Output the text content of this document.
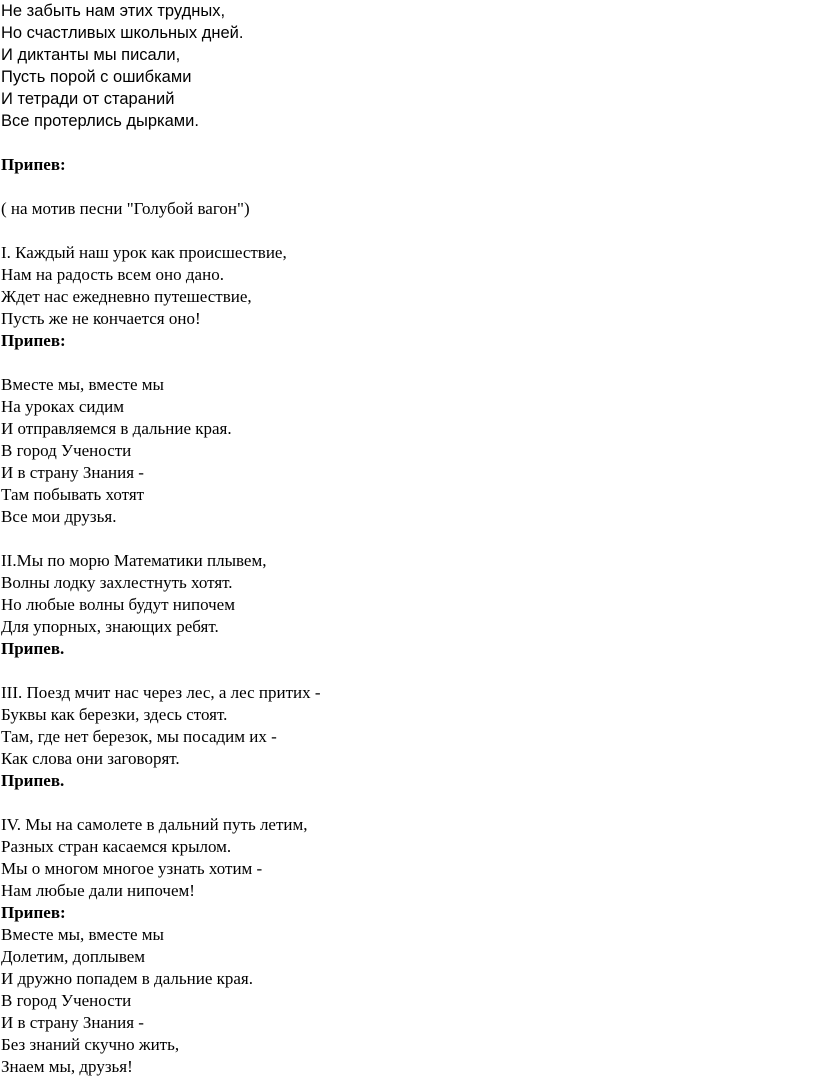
Не забыть нам этих трудных,
Но счастливых школьных дней.
И диктанты мы писали,
Пусть порой с ошибками
И тетради от стараний
Все протерлись дырками.
Припев:
( на мотив песни "Голубой вагон")
I. Каждый наш урок как происшествие,
Нам на радость всем оно дано.
Ждет нас ежедневно путешествие,
Пусть же не кончается оно!
Припев:
Вместе мы, вместе мы
На уроках сидим
И отправляемся в дальние края.
В город Учености
И в страну Знания -
Там побывать хотят
Все мои друзья.
II.Мы по морю Математики плывем,
Волны лодку захлестнуть хотят.
Но любые волны будут нипочем
Для упорных, знающих ребят.
Припев.
III. Поезд мчит нас через лес, а лес притих -
Буквы как березки, здесь стоят.
Там, где нет березок, мы посадим их -
Как слова они заговорят.
Припев.
IV. Мы на самолете в дальний путь летим,
Разных стран касаемся крылом.
Мы о многом многое узнать хотим -
Нам любые дали нипочем!
Припев:
Вместе мы, вместе мы
Долетим, доплывем
И дружно попадем в дальние края.
В город Учености
И в страну Знания -
Без знаний скучно жить,
Знаем мы, друзья!
